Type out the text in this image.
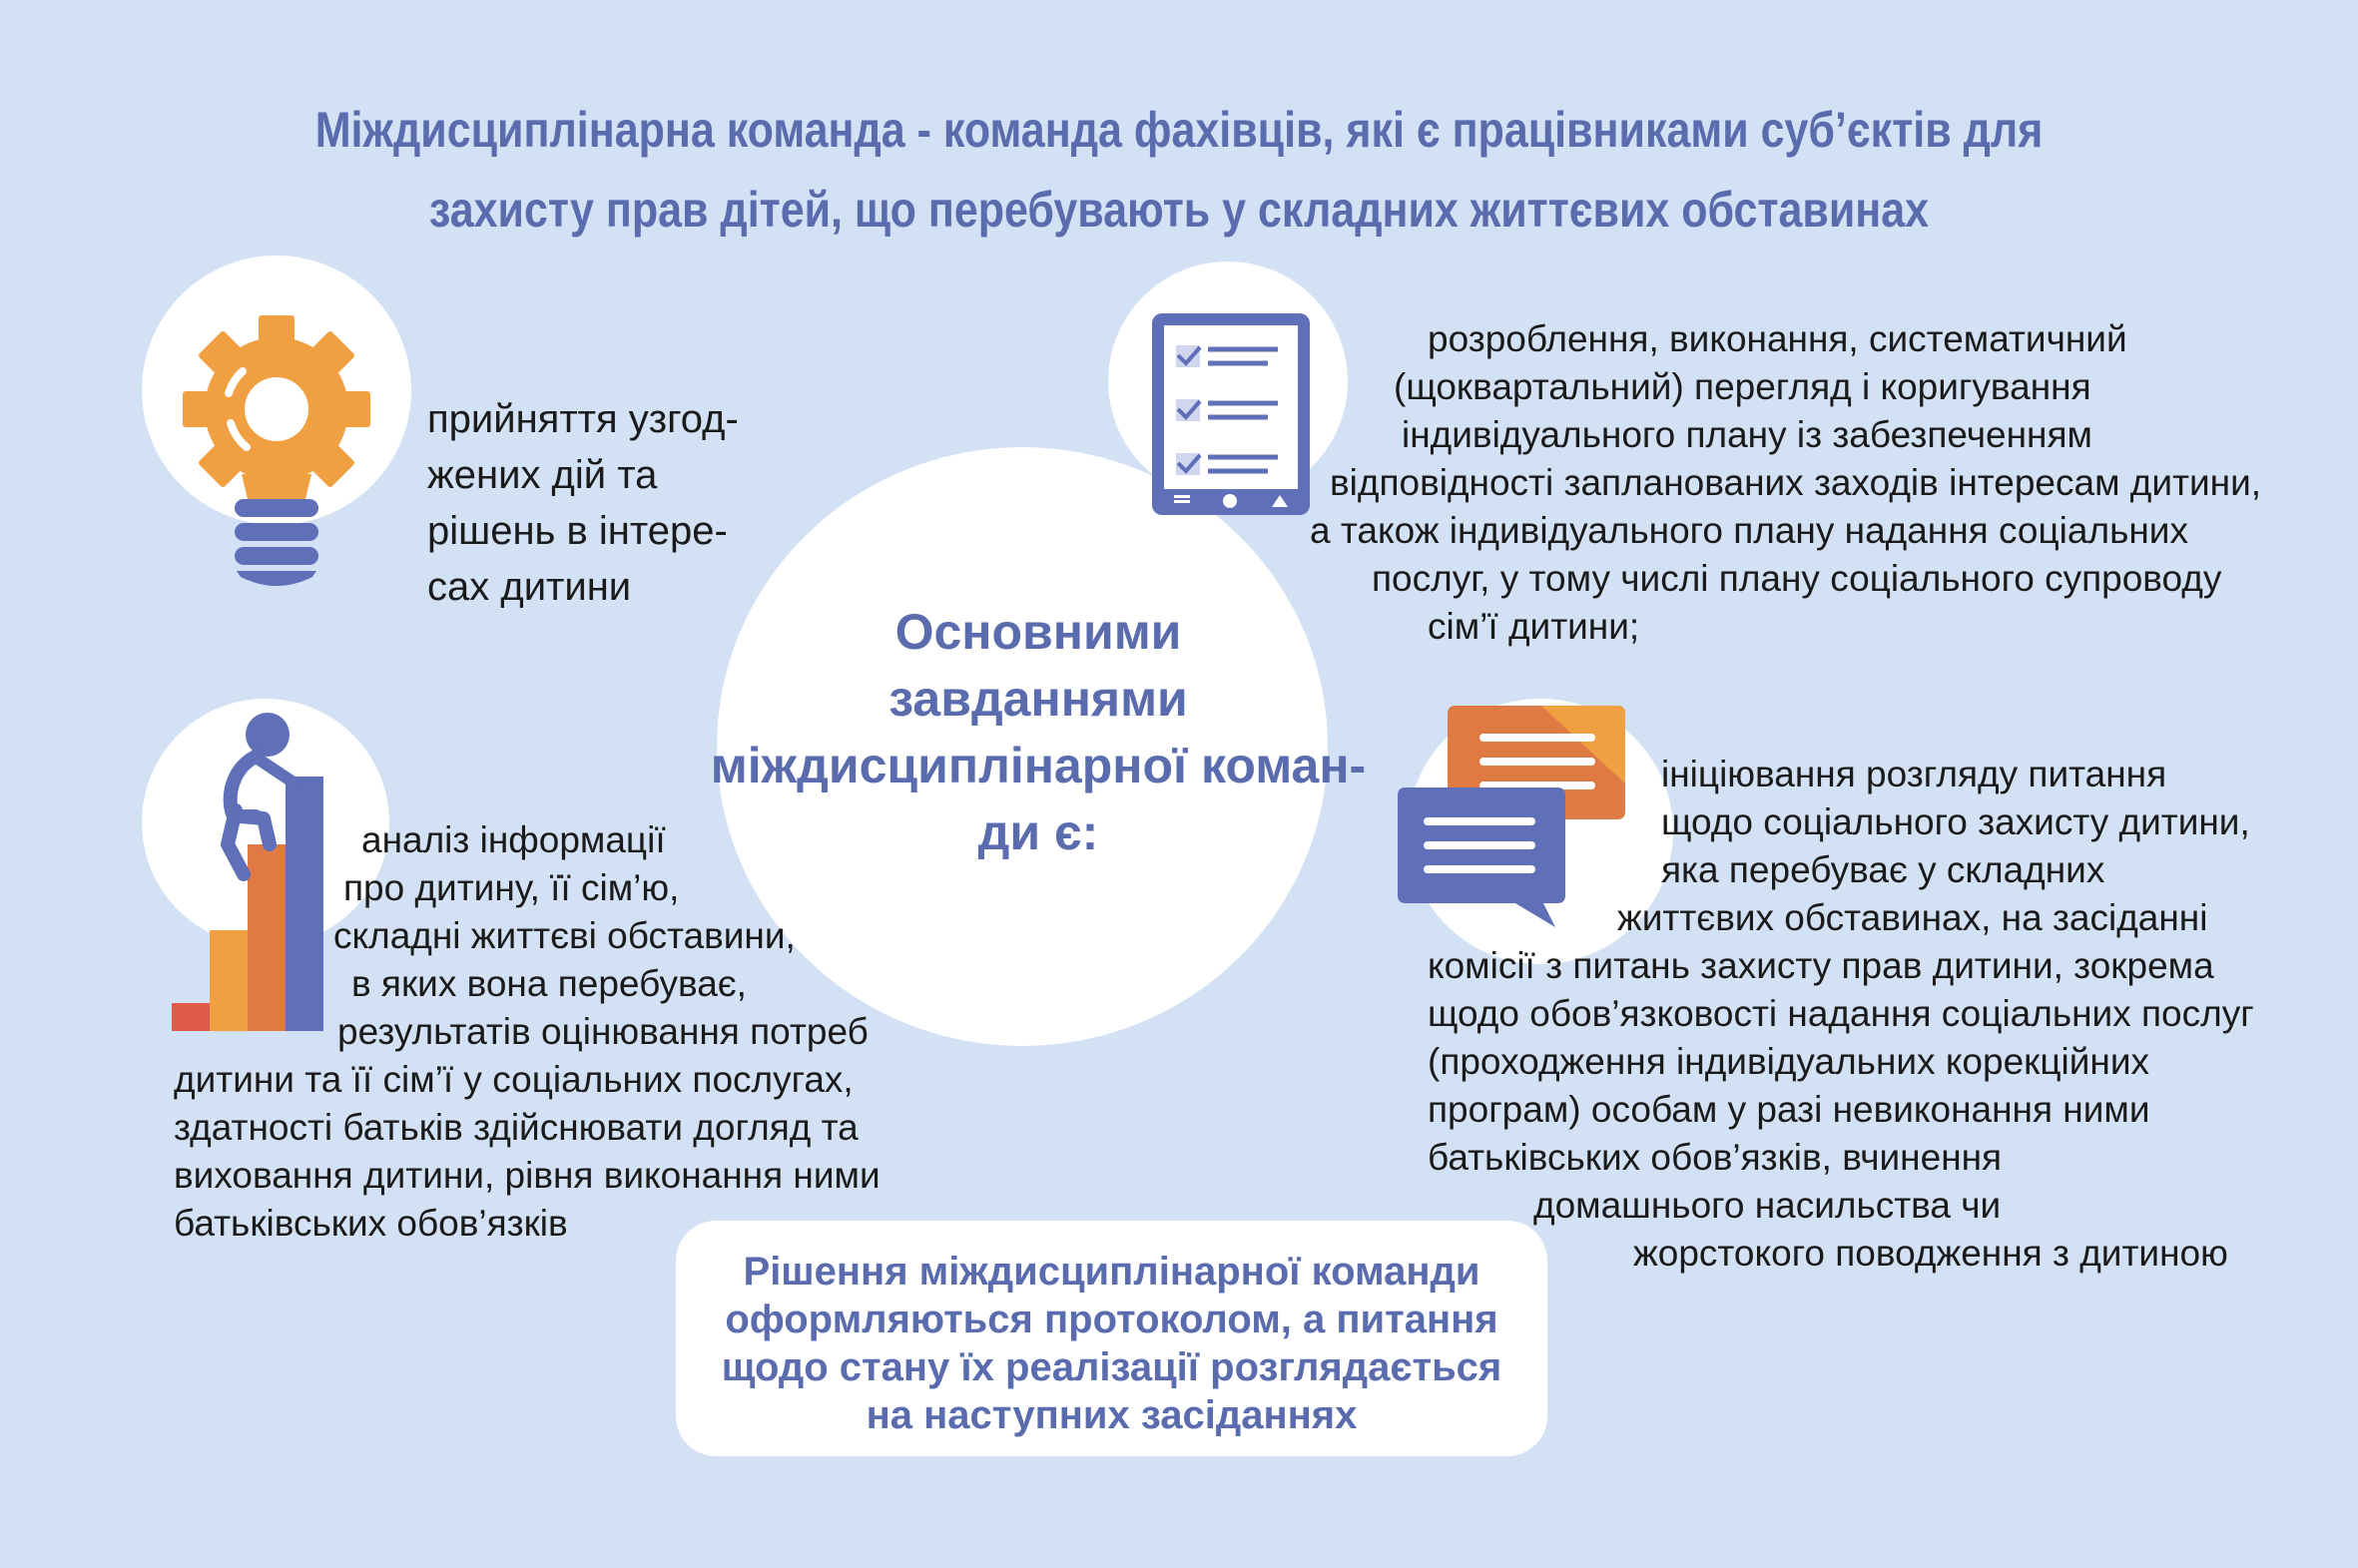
Міждисциплінарна команда - команда фахівців, які є працівниками суб’єктів для
захисту прав дітей, що перебувають у складних життєвих обставинах
Основними
завданнями
міждисциплінарної коман-
ди є:
прийняття узгод-
жених дій та
рішень в інтере-
сах дитини
розроблення, виконання, систематичний
(щоквартальний) перегляд і коригування
індивідуального плану із забезпеченням
відповідності запланованих заходів інтересам дитини,
а також індивідуального плану надання соціальних
послуг, у тому числі плану соціального супроводу
сім’ї дитини;
аналіз інформації
про дитину, її сім’ю,
складні життєві обставини,
в яких вона перебуває,
результатів оцінювання потреб
дитини та її сім’ї у соціальних послугах,
здатності батьків здійснювати догляд та
виховання дитини, рівня виконання ними
батьківських обов’язків
ініціювання розгляду питання
щодо соціального захисту дитини,
яка перебуває у складних
життєвих обставинах, на засіданні
комісії з питань захисту прав дитини, зокрема
щодо обов’язковості надання соціальних послуг
(проходження індивідуальних корекційних
програм) особам у разі невиконання ними
батьківських обов’язків, вчинення
домашнього насильства чи
жорстокого поводження з дитиною
Рішення міждисциплінарної команди
оформляються протоколом, а питання
щодо стану їх реалізації розглядається
на наступних засіданнях
